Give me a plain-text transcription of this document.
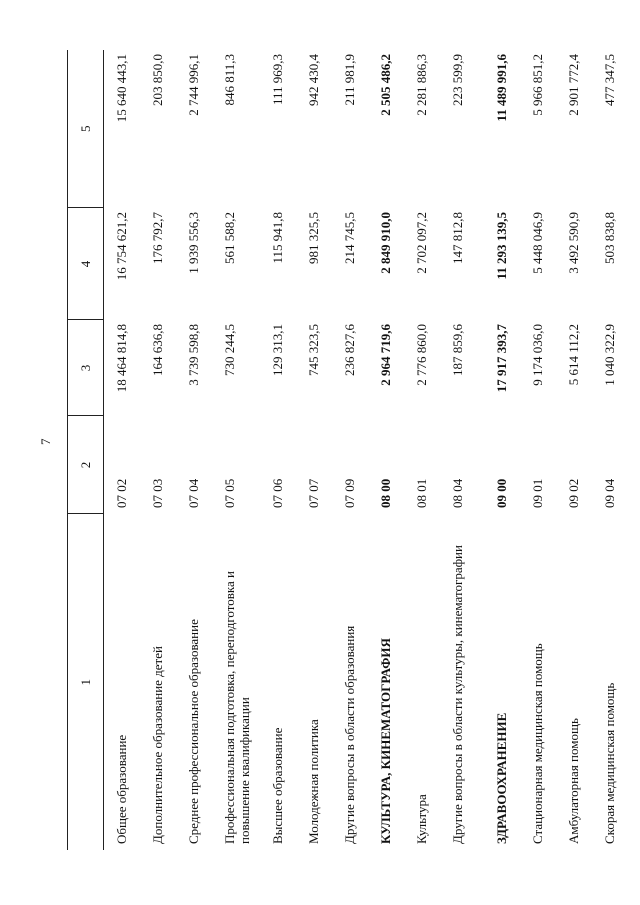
7
1	2	3	4	5
Общее образование	07 02	18 464 814,8	16 754 621,2	15 640 443,1
Дополнительное образование детей	07 03	164 636,8	176 792,7	203 850,0
Среднее профессиональное образование	07 04	3 739 598,8	1 939 556,3	2 744 996,1
Профессиональная подготовка, переподготовка и повышение квалификации	07 05	730 244,5	561 588,2	846 811,3
Высшее образование	07 06	129 313,1	115 941,8	111 969,3
Молодежная политика	07 07	745 323,5	981 325,5	942 430,4
Другие вопросы в области образования	07 09	236 827,6	214 745,5	211 981,9
КУЛЬТУРА, КИНЕМАТОГРАФИЯ	08 00	2 964 719,6	2 849 910,0	2 505 486,2
Культура	08 01	2 776 860,0	2 702 097,2	2 281 886,3
Другие вопросы в области культуры, кинематографии	08 04	187 859,6	147 812,8	223 599,9
ЗДРАВООХРАНЕНИЕ	09 00	17 917 393,7	11 293 139,5	11 489 991,6
Стационарная медицинская помощь	09 01	9 174 036,0	5 448 046,9	5 966 851,2
Амбулаторная помощь	09 02	5 614 112,2	3 492 590,9	2 901 772,4
Скорая медицинская помощь	09 04	1 040 322,9	503 838,8	477 347,5
